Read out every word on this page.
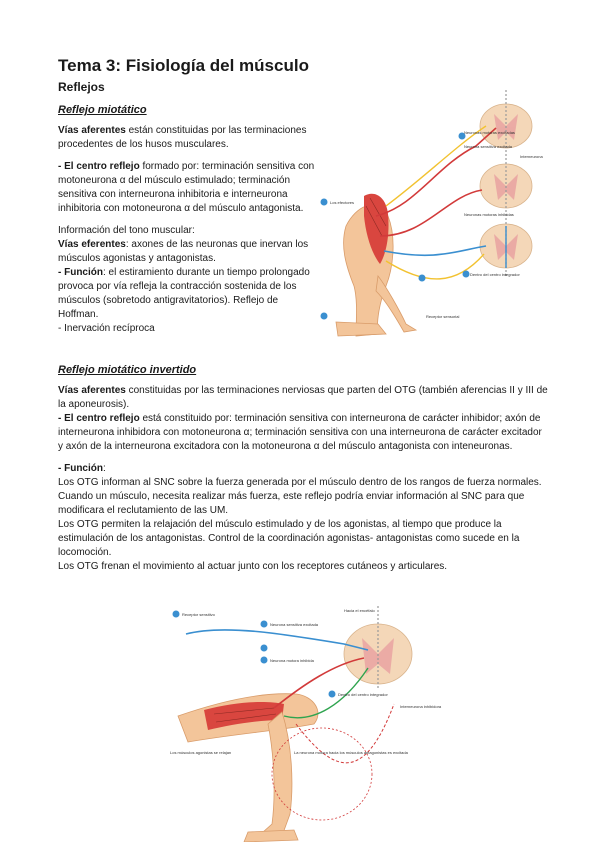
Tema 3: Fisiología del músculo
Reflejos
Reflejo miotático

Vías aferentes están constituidas por las terminaciones procedentes de los husos musculares.

- El centro reflejo formado por: terminación sensitiva con motoneurona α del músculo estimulado; terminación sensitiva con interneurona inhibitoria e interneurona inhibitoria con motoneurona α del músculo antagonista.

Información del tono muscular:
Vías eferentes: axones de las neuronas que inervan los músculos agonistas y antagonistas.
- Función: el estiramiento durante un tiempo prolongado provoca por vía refleja la contracción sostenida de los músculos (sobretodo antigravitatorios). Reflejo de Hoffman.
- Inervación recíproca

Neuronas motoras excitadas
Neurona sensitiva excitada
Neuronas motoras inhibidas
Interneurona
Los efectores
Dentro del centro integrador
Receptor sensorial
Reflejo miotático invertido

Vías aferentes constituidas por las terminaciones nerviosas que parten del OTG (también aferencias II y III de la aponeurosis).
- El centro reflejo está constituido por: terminación sensitiva con interneurona de carácter inhibidor; axón de interneurona inhibidora con motoneurona α; terminación sensitiva con una interneurona de carácter excitador y axón de la interneurona excitadora con la motoneurona α del músculo antagonista con inteneuronas.

- Función:
Los OTG informan al SNC sobre la fuerza generada por el músculo dentro de los rangos de fuerza normales. Cuando un músculo, necesita realizar más fuerza, este reflejo podría enviar información al SNC para que modificara el reclutamiento de las UM.
Los OTG permiten la relajación del músculo estimulado y de los agonistas, al tiempo que produce la estimulación de los antagonistas. Control de la coordinación agonistas- antagonistas como sucede en la locomoción.
Los OTG frenan el movimiento al actuar junto con los receptores cutáneos y articulares.

Receptor sensitivo
Hacia el encéfalo
Neurona sensitiva excitada
Neurona motora inhibida
Interneurona inhibidora
Dentro del centro integrador
Los músculos agonistas se relajan	La neurona motora hacia los músculos antagonistas es excitada
